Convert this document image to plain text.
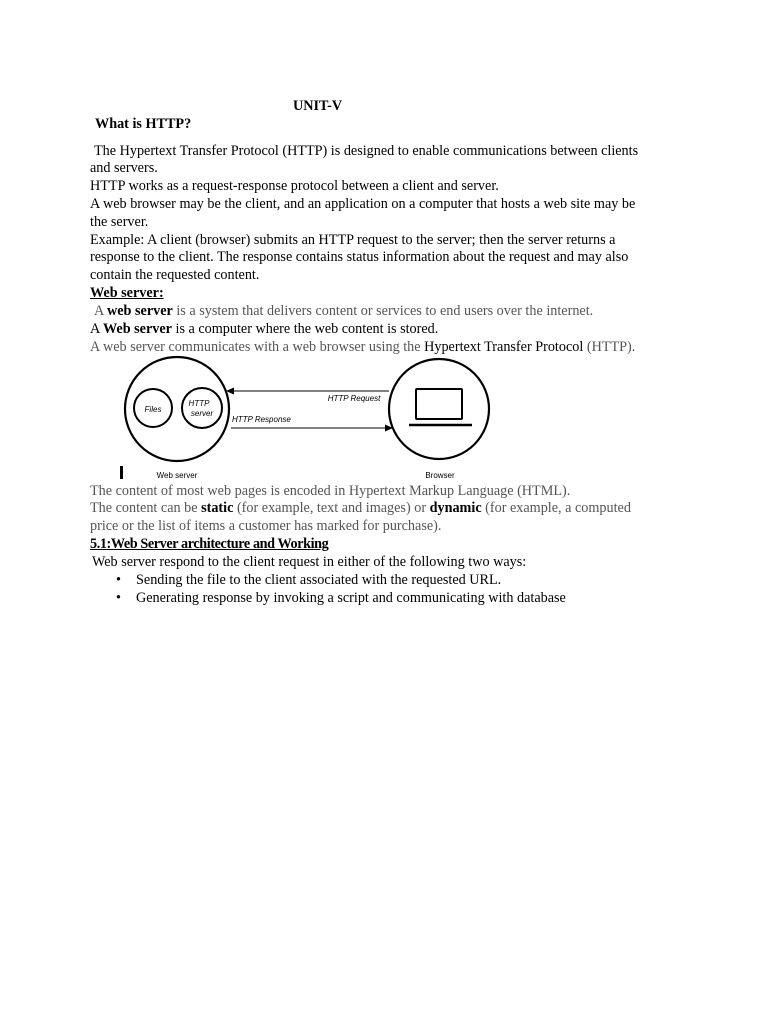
UNIT-V
What is HTTP?
The Hypertext Transfer Protocol (HTTP) is designed to enable communications between clients
and servers.
HTTP works as a request-response protocol between a client and server.
A web browser may be the client, and an application on a computer that hosts a web site may be
the server.
Example: A client (browser) submits an HTTP request to the server; then the server returns a
response to the client. The response contains status information about the request and may also
contain the requested content.
Web server:
A web server is a system that delivers content or services to end users over the internet.
A Web server is a computer where the web content is stored.
A web server communicates with a web browser using the Hypertext Transfer Protocol (HTTP).
Files
HTTP
server
HTTP Request
HTTP Response
Web server	Browser
The content of most web pages is encoded in Hypertext Markup Language (HTML).
The content can be static (for example, text and images) or dynamic (for example, a computed
price or the list of items a customer has marked for purchase).
5.1:Web Server architecture and Working
Web server respond to the client request in either of the following two ways:
• Sending the file to the client associated with the requested URL.
• Generating response by invoking a script and communicating with database
